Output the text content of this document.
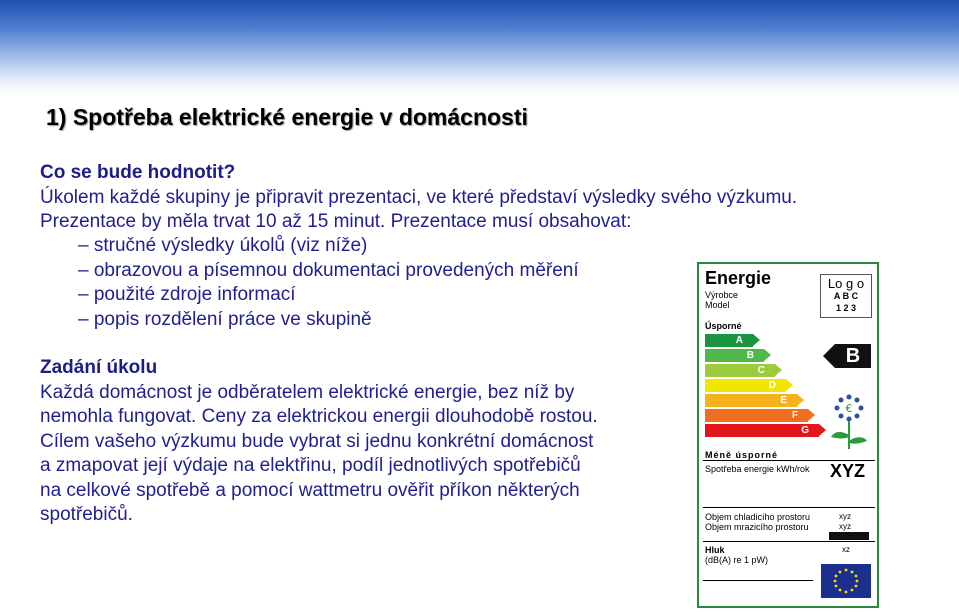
1) Spotřeba elektrické energie v domácnosti
Co se bude hodnotit?
Úkolem každé skupiny je připravit prezentaci, ve které představí výsledky svého výzkumu.
Prezentace by měla trvat 10 až 15 minut. Prezentace musí obsahovat:
– stručné výsledky úkolů (viz níže)
– obrazovou a písemnou dokumentaci provedených měření
– použité zdroje informací
– popis rozdělení práce ve skupině
Zadání úkolu
Každá domácnost je odběratelem elektrické energie, bez níž by
nemohla fungovat. Ceny za elektrickou energii dlouhodobě rostou.
Cílem vašeho výzkumu bude vybrat si jednu konkrétní domácnost
a zmapovat její výdaje na elektřinu, podíl jednotlivých spotřebičů
na celkové spotřebě a pomocí wattmetru ověřit příkon některých
spotřebičů.
Energie
Výrobce
Model
Lo g o
A B C
1 2 3
Úsporné
A
B
C
D
E
F
G
B
€
Méně úsporné
Spotřeba energie kWh/rok XYZ
Objem chladicího prostoru
Objem mrazicího prostoru
xyz
xyz
Hluk
(dB(A) re 1 pW)
xz
